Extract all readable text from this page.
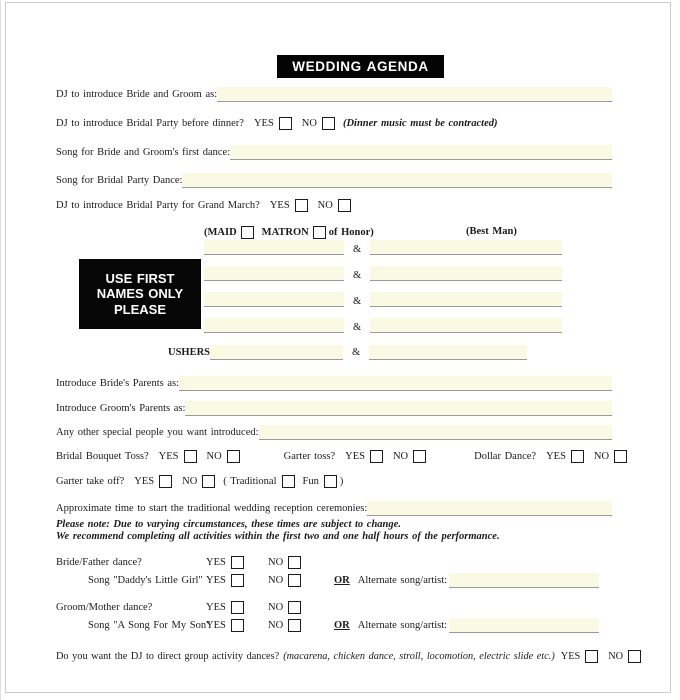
WEDDING AGENDA
DJ to introduce Bride and Groom as:
DJ to introduce Bridal Party before dinner? YES	NO (Dinner music must be contracted)
Song for Bride and Groom's first dance:
Song for Bridal Party Dance:
DJ to introduce Bridal Party for Grand March? YES	NO
(MAID MATRON of Honor)	(Best Man)
&
&
&
&
USE FIRST
NAMES ONLY
PLEASE
USHERS	&
Introduce Bride's Parents as:
Introduce Groom's Parents as:
Any other special people you want introduced:
Bridal Bouquet Toss? YES	NO	Garter toss? YES	NO	Dollar Dance? YES	NO
Garter take off? YES	NO ( Traditional Fun )
Approximate time to start the traditional wedding reception ceremonies:
Please note: Due to varying circumstances, these times are subject to change.
We recommend completing all activities within the first two and one half hours of the performance.
Bride/Father dance?	YES	NO
Song "Daddy's Little Girl" YES	NO	OR Alternate song/artist:
Groom/Mother dance?	YES	NO
Song "A Song For My Son"
YES	NO	OR Alternate song/artist:
Do you want the DJ to direct group activity dances? (macarena, chicken dance, stroll, locomotion, electric slide etc.) YES	NO
